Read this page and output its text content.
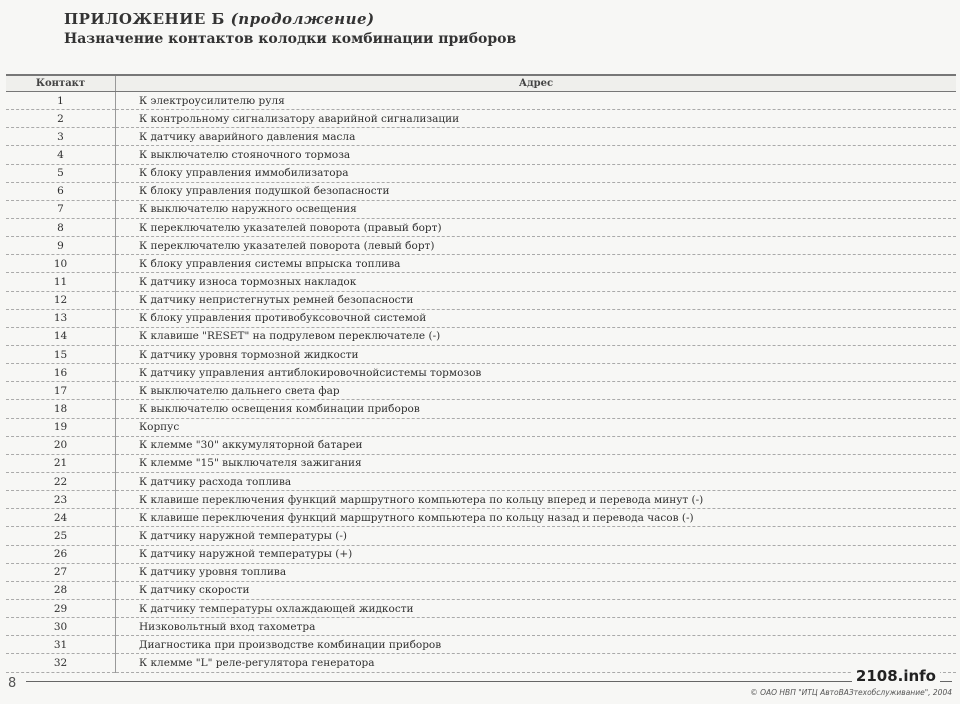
ПРИЛОЖЕНИЕ Б (продолжение)
Назначение контактов колодки комбинации приборов
Контакт	Адрес
1	К электроусилителю руля
2	К контрольному сигнализатору аварийной сигнализации
3	К датчику аварийного давления масла
4	К выключателю стояночного тормоза
5	К блоку управления иммобилизатора
6	К блоку управления подушкой безопасности
7	К выключателю наружного освещения
8	К переключателю указателей поворота (правый борт)
9	К переключателю указателей поворота (левый борт)
10	К блоку управления системы впрыска топлива
11	К датчику износа тормозных накладок
12	К датчику непристегнутых ремней безопасности
13	К блоку управления противобуксовочной системой
14	К клавише "RESET" на подрулевом переключателе (-)
15	К датчику уровня тормозной жидкости
16	К датчику управления антиблокировочнойсистемы тормозов
17	К выключателю дальнего света фар
18	К выключателю освещения комбинации приборов
19	Корпус
20	К клемме "30" аккумуляторной батареи
21	К клемме "15" выключателя зажигания
22	К датчику расхода топлива
23	К клавише переключения функций маршрутного компьютера по кольцу вперед и перевода минут (-)
24	К клавише переключения функций маршрутного компьютера по кольцу назад и перевода часов (-)
25	К датчику наружной температуры (-)
26	К датчику наружной температуры (+)
27	К датчику уровня топлива
28	К датчику скорости
29	К датчику температуры охлаждающей жидкости
30	Низковольтный вход тахометра
31	Диагностика при производстве комбинации приборов
32	К клемме "L" реле-регулятора генератора
8	2108.info
© ОАО НВП "ИТЦ АвтоВАЗтехобслуживание", 2004
